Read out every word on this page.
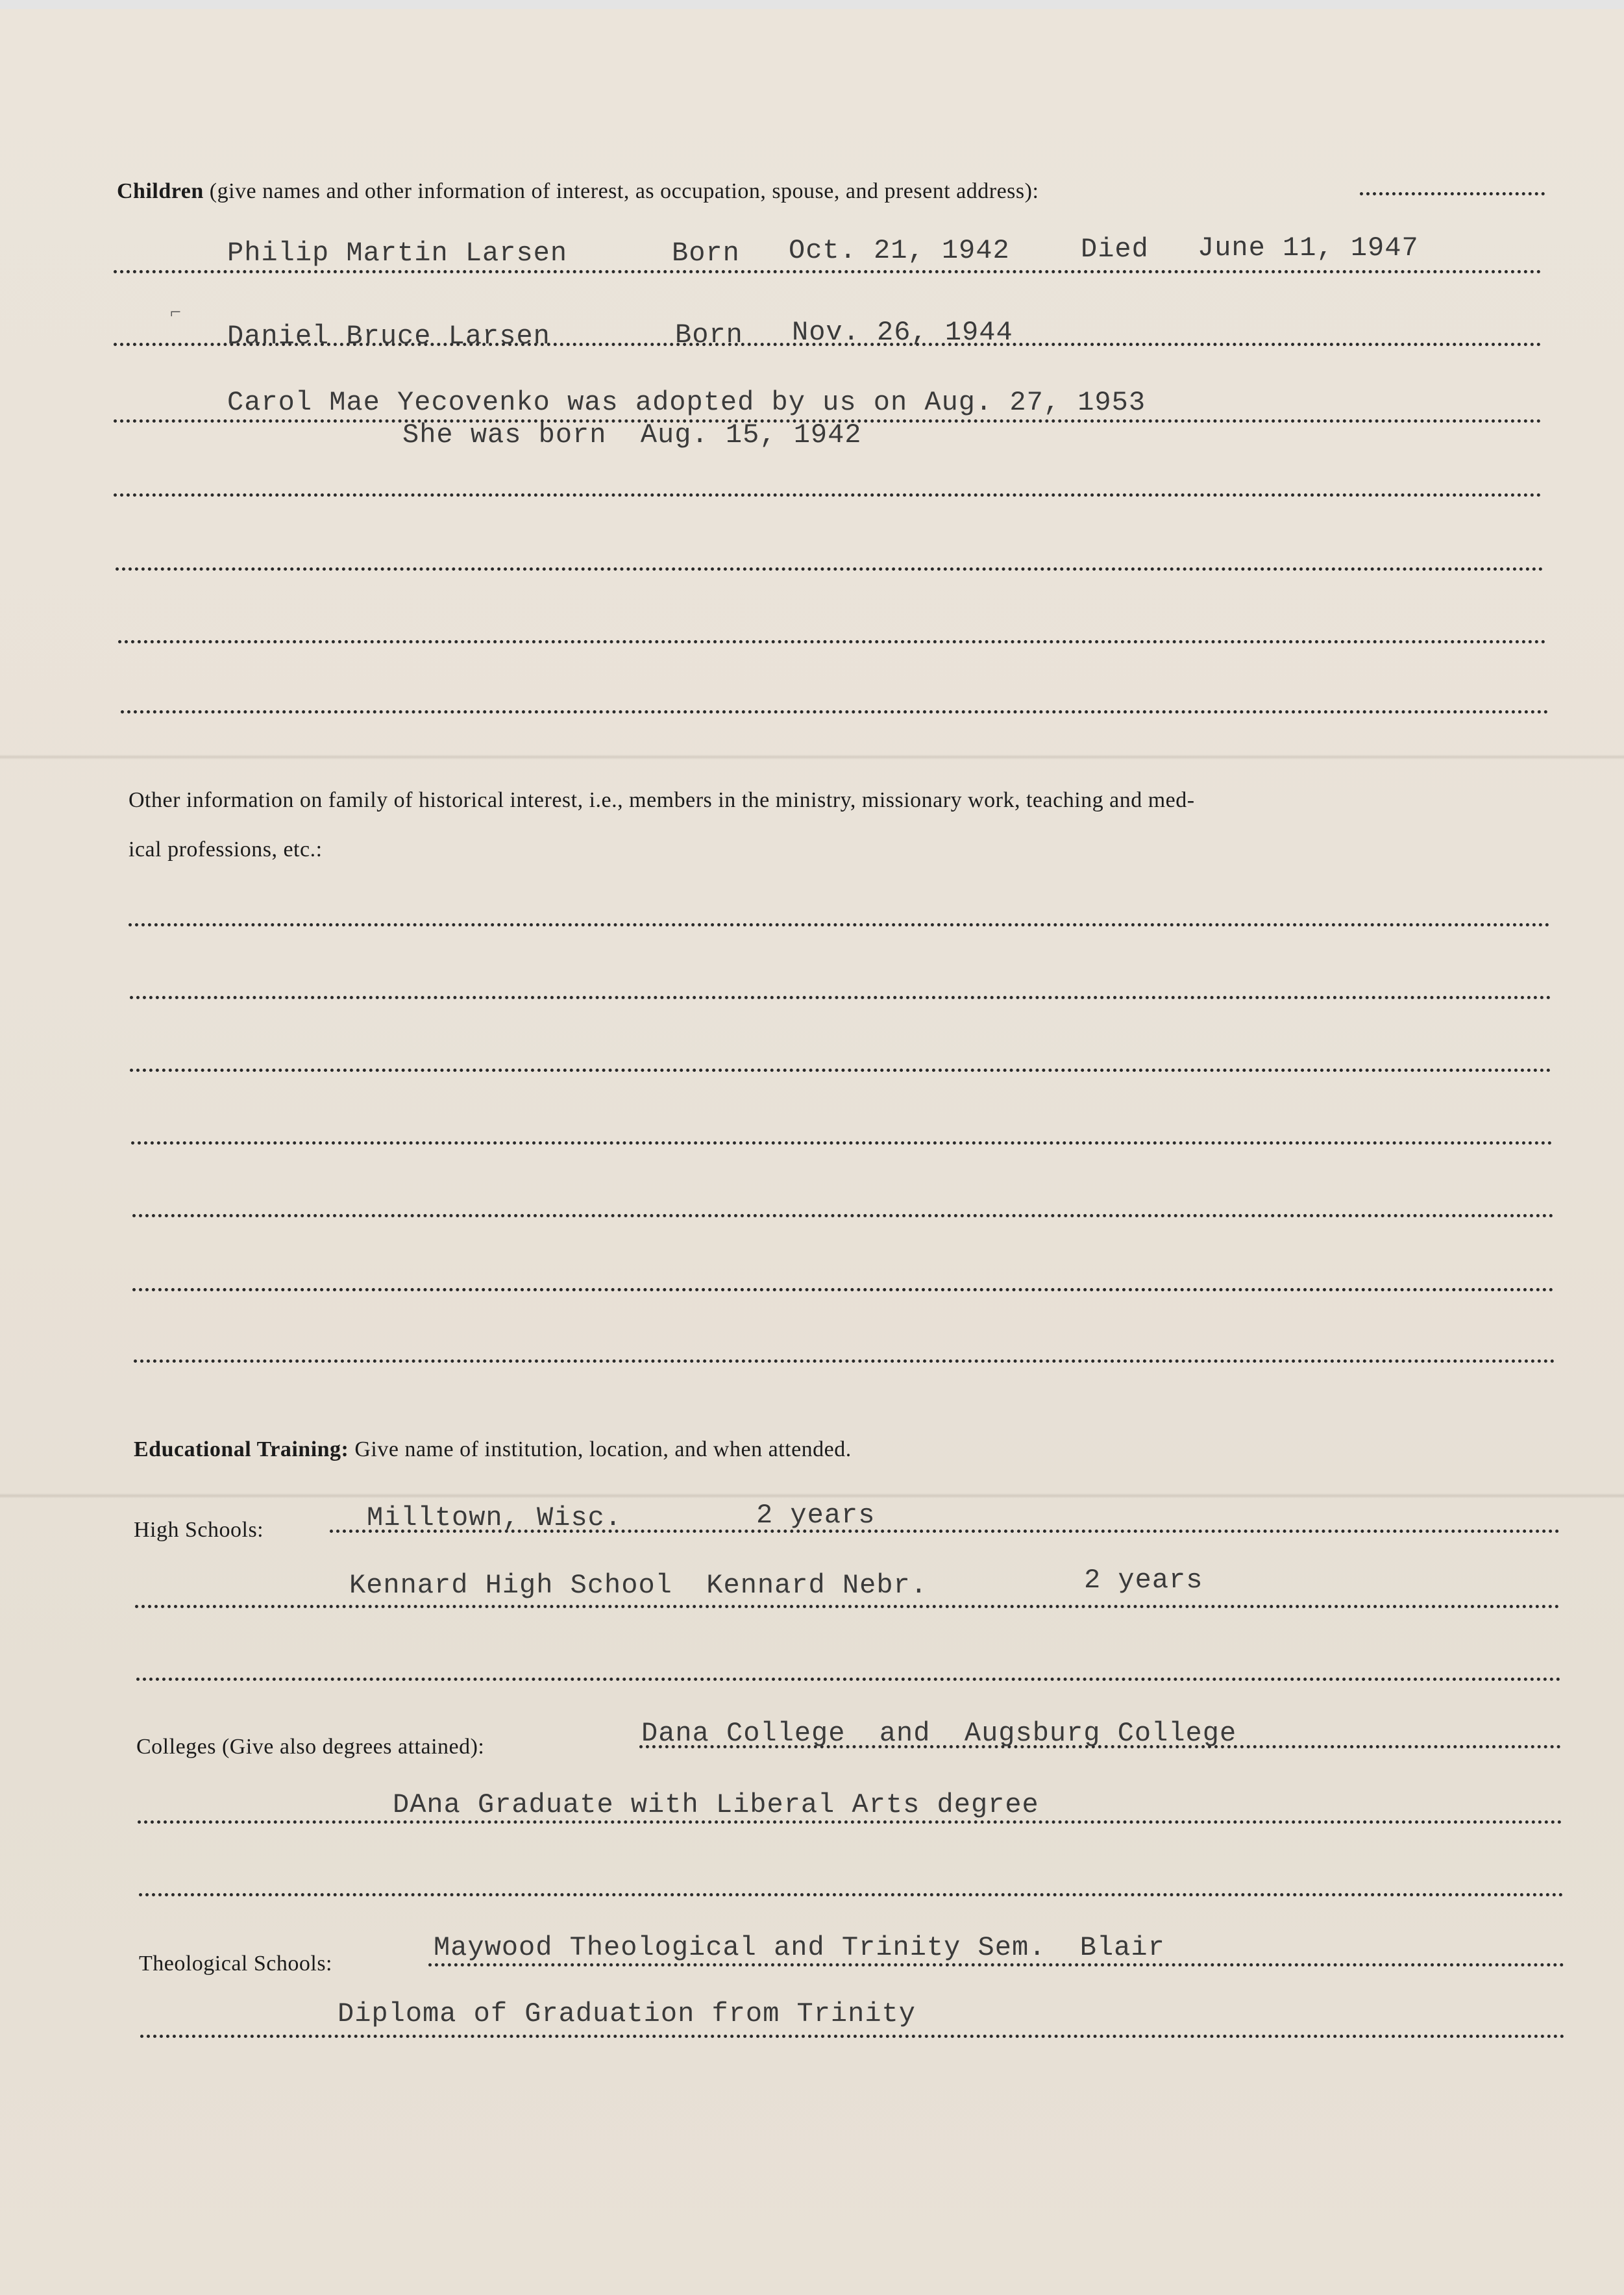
Children (give names and other information of interest, as occupation, spouse, and present address):
Philip Martin Larsen	Born Oct. 21, 1942	Died June 11, 1947
Daniel Bruce Larsen	Born Nov. 26, 1944
⌐
Carol Mae Yecovenko was adopted by us on Aug. 27, 1953
She was born  Aug. 15, 1942
Other information on family of historical interest, i.e., members in the ministry, missionary work, teaching and med-
ical professions, etc.:
Educational Training: Give name of institution, location, and when attended.
High Schools:	Milltown, Wisc.	2 years
Kennard High School  Kennard Nebr.	2 years
Colleges (Give also degrees attained):	Dana College  and  Augsburg College
DAna Graduate with Liberal Arts degree
Theological Schools:
Maywood Theological and Trinity Sem.  Blair
Diploma of Graduation from Trinity
